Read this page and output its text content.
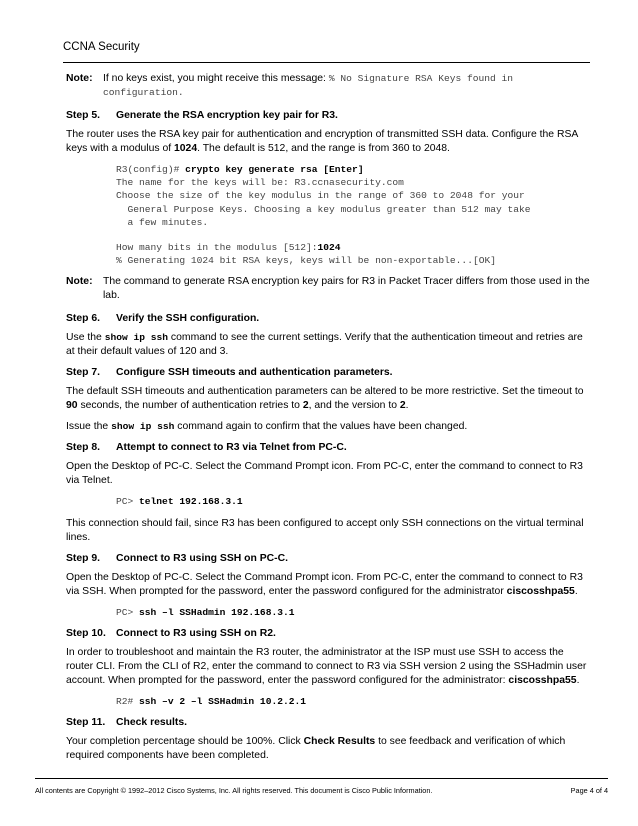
CCNA Security
Note:	If no keys exist, you might receive this message: % No Signature RSA Keys found in configuration.
Step 5.	Generate the RSA encryption key pair for R3.

The router uses the RSA key pair for authentication and encryption of transmitted SSH data. Configure the RSA keys with a modulus of 1024. The default is 512, and the range is from 360 to 2048.

R3(config)# crypto key generate rsa [Enter]
The name for the keys will be: R3.ccnasecurity.com
Choose the size of the key modulus in the range of 360 to 2048 for your
General Purpose Keys. Choosing a key modulus greater than 512 may take
a few minutes.
How many bits in the modulus [512]:1024
% Generating 1024 bit RSA keys, keys will be non-exportable...[OK]
Note:	The command to generate RSA encryption key pairs for R3 in Packet Tracer differs from those used in the lab.
Step 6.	Verify the SSH configuration.

Use the show ip ssh command to see the current settings. Verify that the authentication timeout and retries are at their default values of 120 and 3.

Step 7.	Configure SSH timeouts and authentication parameters.

The default SSH timeouts and authentication parameters can be altered to be more restrictive. Set the timeout to 90 seconds, the number of authentication retries to 2, and the version to 2.

Issue the show ip ssh command again to confirm that the values have been changed.

Step 8.	Attempt to connect to R3 via Telnet from PC-C.

Open the Desktop of PC-C. Select the Command Prompt icon. From PC-C, enter the command to connect to R3 via Telnet.

PC> telnet 192.168.3.1

This connection should fail, since R3 has been configured to accept only SSH connections on the virtual terminal lines.

Step 9.	Connect to R3 using SSH on PC-C.

Open the Desktop of PC-C. Select the Command Prompt icon. From PC-C, enter the command to connect to R3 via SSH. When prompted for the password, enter the password configured for the administrator ciscosshpa55.

PC> ssh –l SSHadmin 192.168.3.1
Step 10. Connect to R3 using SSH on R2.

In order to troubleshoot and maintain the R3 router, the administrator at the ISP must use SSH to access the router CLI. From the CLI of R2, enter the command to connect to R3 via SSH version 2 using the SSHadmin user account. When prompted for the password, enter the password configured for the administrator: ciscosshpa55.

R2# ssh –v 2 –l SSHadmin 10.2.2.1
Step 11.	Check results.

Your completion percentage should be 100%. Click Check Results to see feedback and verification of which required components have been completed.

All contents are Copyright © 1992–2012 Cisco Systems, Inc. All rights reserved. This document is Cisco Public Information.	Page 4 of 4
